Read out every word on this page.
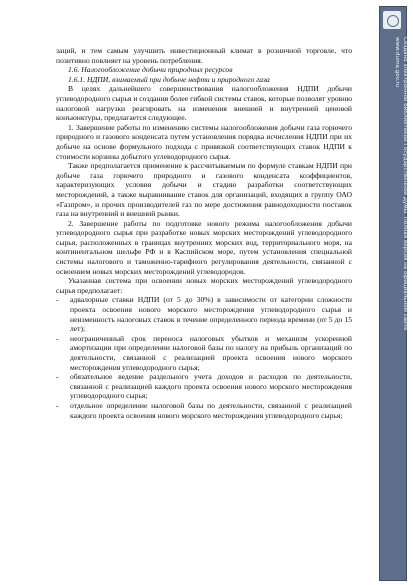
заций, и тем самым улучшить инвестиционный климат в розничной торговле, что позитивно повлияет на уровень потребления.

1.6. Налогообложение добычи природных ресурсов

1.6.1. НДПИ, взимаемый при добыче нефти и природного газа

В целях дальнейшего совершенствования налогообложения НДПИ добычи углеводородного сырья и создания более гибкой системы ставок, которые позволят уровню налоговой нагрузки реагировать на изменения внешней и внутренней ценовой конъюнктуры, предлагается следующее.

1. Завершение работы по изменению системы налогообложения добычи газа горючего природного и газового конденсата путем установления порядка исчисления НДПИ при их добыче на основе формульного подхода с привязкой соответствующих ставок НДПИ к стоимости корзины добытого углеводородного сырья.

Также предполагается применение к рассчитываемым по формуле ставкам НДПИ при добыче газа горючего природного и газового конденсата коэффициентов, характеризующих условия добычи и стадию разработки соответствующих месторождений, а также выравнивание ставок для организаций, входящих в группу ОАО «Газпром», и прочих производителей газ по мере достижения равнодоходности поставок газа на внутренний и внешний рынки.

2. Завершение работы по подготовке нового режима налогообложения добычи углеводородного сырья при разработке новых морских месторождений углеводородного сырья, расположенных в границах внутренних морских вод, территориального моря, на континентальном шельфе РФ и в Каспийском море, путем установления специальной системы налогового и таможенно-тарифного регулирования деятельности, связанной с освоением новых морских месторождений углеводородов.

Указанная система при освоении новых морских месторождений углеводородного сырья предполагает:

- адвалорные ставки НДПИ (от 5 до 30%) в зависимости от категории сложности проекта освоения нового морского месторождения углеводородного сырья и неизменность налоговых ставок в течение определенного периода времени (от 5 до 15 лет);

- неограниченный срок переноса налоговых убытков и механизм ускоренной амортизации при определении налоговой базы по налогу на прибыль организаций по деятельности, связанной с реализацией проекта освоения нового морского месторождения углеводородного сырья;

- обязательное ведение раздельного учета доходов и расходов по деятельности, связанной с реализацией каждого проекта освоения нового морского месторождения углеводородного сырья;

- отдельное определение налоговой базы по деятельности, связанной с реализацией каждого проекта освоения нового морского месторождения углеводородного сырья;

Создано электронной библиотекой Государственной Думы. Полная версия на официальном сайте
www.duma.gov.ru
